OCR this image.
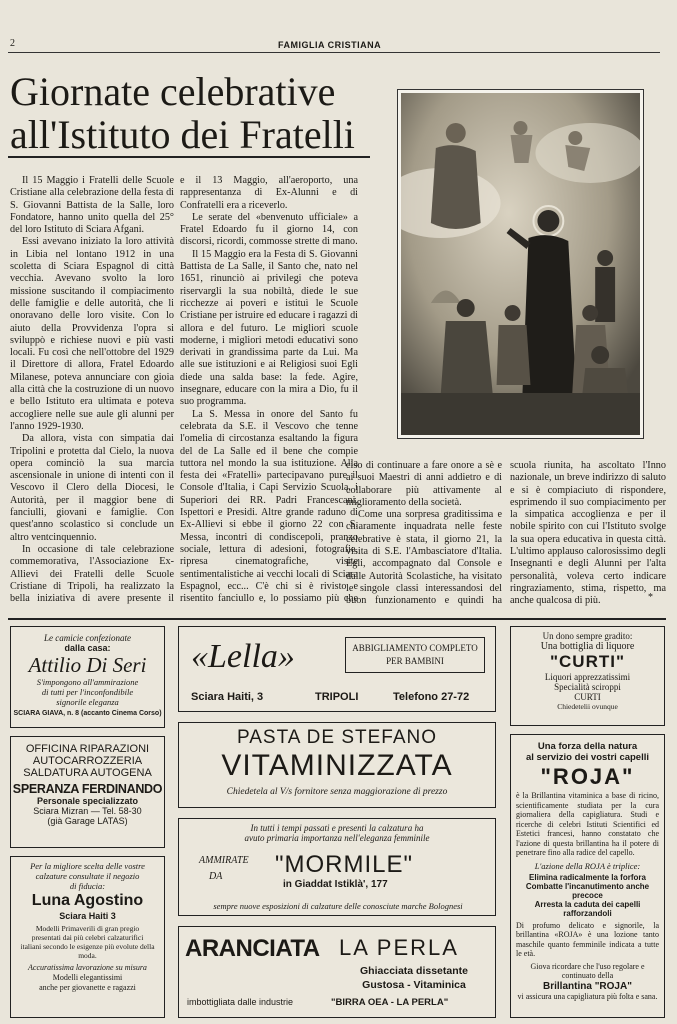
2	FAMIGLIA CRISTIANA
Giornate celebrative
all'Istituto dei Fratelli

Il 15 Maggio i Fratelli delle Scuole Cristiane alla celebrazione della festa di S. Giovanni Battista de la Salle, loro Fondatore, hanno unito quella del 25° del loro Istituto di Sciara Afgani.

Essi avevano iniziato la loro attività in Libia nel lontano 1912 in una scoletta di Sciara Espagnol di città vecchia. Avevano svolto la loro missione suscitando il compiacimento delle famiglie e delle autorità, che li onoravano delle loro visite. Con lo aiuto della Provvidenza l'opra si sviluppò e richiese nuovi e più vasti locali. Fu così che nell'ottobre del 1929 il Direttore di allora, Fratel Edoardo Milanese, poteva annunciare con gioia alla città che la costruzione di un nuovo e bello Istituto era ultimata e poteva accogliere nelle sue aule gli alunni per l'anno 1929-1930.

Da allora, vista con simpatia dai Tripolini e protetta dal Cielo, la nuova opera cominciò la sua marcia ascensionale in unione di intenti con il Vescovo il Clero della Diocesi, le Autorità, per il maggior bene di fanciulli, giovani e famiglie. Con quest'anno scolastico si conclude un altro ventcinquennio.

In occasione di tale celebrazione commemorativa, l'Associazione Ex-Allievi dei Fratelli delle Scuole Cristiane di Tripoli, ha realizzato la bella iniziativa di avere presente il

e il 13 Maggio, all'aeroporto, una rappresentanza di Ex-Alunni e di Confratelli era a riceverlo.

Le serate del «benvenuto ufficiale» a Fratel Edoardo fu il giorno 14, con discorsi, ricordi, commosse strette di mano.

Il 15 Maggio era la Festa di S. Giovanni Battista de La Salle, il Santo che, nato nel 1651, rinunciò ai privilegi che poteva riservargli la sua nobiltà, diede le sue ricchezze ai poveri e istituì le Scuole Cristiane per istruire ed educare i ragazzi di allora e del futuro. Le migliori scuole moderne, i migliori metodi educativi sono derivati in grandissima parte da Lui. Ma alle sue istituzioni e ai Religiosi suoi Egli diede una salda base: la fede. Agire, insegnare, educare con la mira a Dio, fu il suo programma.

La S. Messa in onore del Santo fu celebrata da S.E. il Vescovo che tenne l'omelia di circostanza esaltando la figura del de La Salle ed il bene che compie tuttora nel mondo la sua istituzione. Alla festa dei «Fratelli» partecipavano pure il Console d'Italia, i Capi Servizio Scuola, i Superiori dei RR. Padri Francescani, Ispettori e Presidi. Altre grande raduno di Ex-Allievi si ebbe il giorno 22 con S. Messa, incontri di condiscepoli, pranzo sociale, lettura di adesioni, fotografie, ripresa cinematografiche, visite sentimentalistiche ai vecchi locali di Sciara Espagnol, ecc... C'è chi si è rivisto e risentito fanciullo e, lo possiamo più che

ciso di continuare a fare onore a sè e ai suoi Maestri di anni addietro e di collaborare più attivamente al miglioramento della società.

Come una sorpresa graditissima e chiaramente inquadrata nelle feste celebrative è stata, il giorno 21, la visita di S.E. l'Ambasciatore d'Italia. Egli, accompagnato dal Console e dalle Autorità Scolastiche, ha visitato le singole classi interessandosi del buon funzionamento e quindi ha

scuola riunita, ha ascoltato l'Inno nazionale, un breve indirizzo di saluto e si è compiaciuto di rispondere, esprimendo il suo compiacimento per la simpatica accoglienza e per il nobile spirito con cui l'Istituto svolge la sua opera educativa in questa città. L'ultimo applauso calorosissimo degli Insegnanti e degli Alunni per l'alta personalità, voleva certo indicare ringraziamento, stima, rispetto, ma anche qualcosa di più.	*
Le camicie confezionate
dalla casa:
Attilio Di Seri
S'impongono all'ammirazione
di tutti per l'inconfondibile
signorile eleganza
SCIARA GIAVA, n. 8 (accanto Cinema Corso)
OFFICINA RIPARAZIONI
AUTOCARROZZERIA
SALDATURA AUTOGENA
SPERANZA FERDINANDO
Personale specializzato
Sciara Mizran — Tel. 58-30
(già Garage LATAS)
Per la migliore scelta delle vostre
calzature consultate il negozio
di fiducia:
Luna Agostino
Sciara Haiti 3
Modelli Primaverili di gran pregio
presentati dai più celebri calzaturifici
italiani secondo le esigenze più evolute della moda.
Accuratissima lavorazione su misura
Modelli elegantissimi
anche per giovanette e ragazzi
«Lella»	ABBIGLIAMENTO COMPLETO
PER BAMBINI
Sciara Haiti, 3	TRIPOLI	Telefono 27-72
PASTA DE STEFANO
VITAMINIZZATA
Chiedetela al V/s fornitore senza maggiorazione di prezzo
In tutti i tempi passati e presenti la calzatura ha
avuto primaria importanza nell'eleganza femminile
AMMIRATE
DA "MORMILE"
in Giaddat Istiklà', 177
sempre nuove esposizioni di calzature delle conosciute marche Bolognesi
ARANCIATA LA PERLA
Ghiacciata dissetante
Gustosa - Vitaminica
imbottigliata dalle industrie	"BIRRA OEA - LA PERLA"
Un dono sempre gradito:
Una bottiglia di liquore
"CURTI"
Liquori apprezzatissimi
Specialità sciroppi
CURTI
Chiedetelii ovunque
Una forza della natura
al servizio dei vostri capelli
"ROJA"
è la Brillantina vitaminica a base di ricino, scientificamente studiata per la cura giornaliera della capigliatura. Studi e ricerche di celebri Istituti Scientifici ed Estetici francesi, hanno constatato che l'azione di questa brillantina ha il potere di penetrare fino alla radice del capello.
L'azione della ROJA è triplice:
Elimina radicalmente la forfora
Combatte l'incanutimento anche precoce
Arresta la caduta dei capelli rafforzandoli
Di profumo delicato e signorile, la brillantina «ROJA» è una lozione tanto maschile quanto femminile indicata a tutte le età.
Giova ricordare che l'uso regolare e continuato della
Brillantina "ROJA"
vi assicura una capigliatura più folta e sana.
